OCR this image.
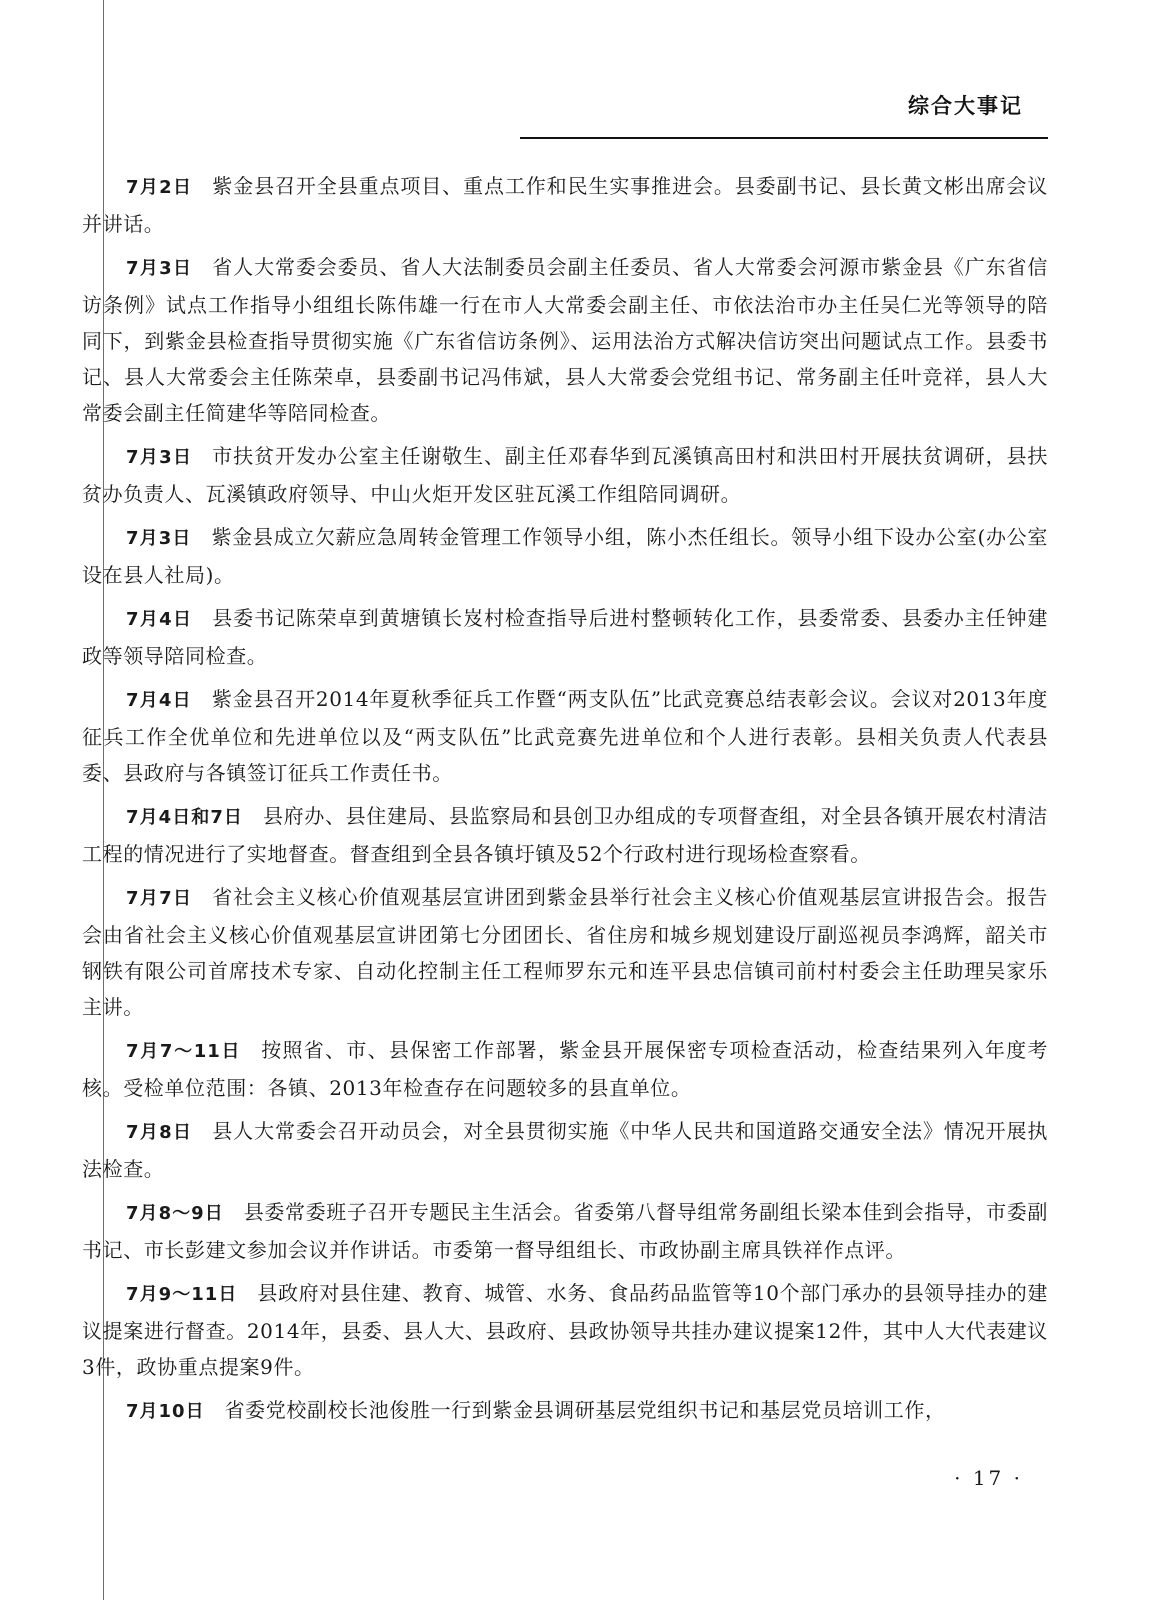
综合大事记

7月2日 紫金县召开全县重点项目、重点工作和民生实事推进会。县委副书记、县长黄文彬出席会议并讲话。

7月3日 省人大常委会委员、省人大法制委员会副主任委员、省人大常委会河源市紫金县《广东省信访条例》试点工作指导小组组长陈伟雄一行在市人大常委会副主任、市依法治市办主任吴仁光等领导的陪同下，到紫金县检查指导贯彻实施《广东省信访条例》、运用法治方式解决信访突出问题试点工作。县委书记、县人大常委会主任陈荣卓，县委副书记冯伟斌，县人大常委会党组书记、常务副主任叶竞祥，县人大常委会副主任简建华等陪同检查。

7月3日 市扶贫开发办公室主任谢敬生、副主任邓春华到瓦溪镇高田村和洪田村开展扶贫调研，县扶贫办负责人、瓦溪镇政府领导、中山火炬开发区驻瓦溪工作组陪同调研。

7月3日 紫金县成立欠薪应急周转金管理工作领导小组，陈小杰任组长。领导小组下设办公室(办公室设在县人社局)。

7月4日 县委书记陈荣卓到黄塘镇长岌村检查指导后进村整顿转化工作，县委常委、县委办主任钟建政等领导陪同检查。

7月4日 紫金县召开2014年夏秋季征兵工作暨“两支队伍”比武竞赛总结表彰会议。会议对2013年度征兵工作全优单位和先进单位以及“两支队伍”比武竞赛先进单位和个人进行表彰。县相关负责人代表县委、县政府与各镇签订征兵工作责任书。

7月4日和7日 县府办、县住建局、县监察局和县创卫办组成的专项督查组，对全县各镇开展农村清洁工程的情况进行了实地督查。督查组到全县各镇圩镇及52个行政村进行现场检查察看。

7月7日 省社会主义核心价值观基层宣讲团到紫金县举行社会主义核心价值观基层宣讲报告会。报告会由省社会主义核心价值观基层宣讲团第七分团团长、省住房和城乡规划建设厅副巡视员李鸿辉，韶关市钢铁有限公司首席技术专家、自动化控制主任工程师罗东元和连平县忠信镇司前村村委会主任助理吴家乐主讲。

7月7～11日 按照省、市、县保密工作部署，紫金县开展保密专项检查活动，检查结果列入年度考核。受检单位范围：各镇、2013年检查存在问题较多的县直单位。

7月8日 县人大常委会召开动员会，对全县贯彻实施《中华人民共和国道路交通安全法》情况开展执法检查。

7月8～9日 县委常委班子召开专题民主生活会。省委第八督导组常务副组长梁本佳到会指导，市委副书记、市长彭建文参加会议并作讲话。市委第一督导组组长、市政协副主席具铁祥作点评。

7月9～11日 县政府对县住建、教育、城管、水务、食品药品监管等10个部门承办的县领导挂办的建议提案进行督查。2014年，县委、县人大、县政府、县政协领导共挂办建议提案12件，其中人大代表建议3件，政协重点提案9件。

7月10日 省委党校副校长池俊胜一行到紫金县调研基层党组织书记和基层党员培训工作，

· 17 ·
